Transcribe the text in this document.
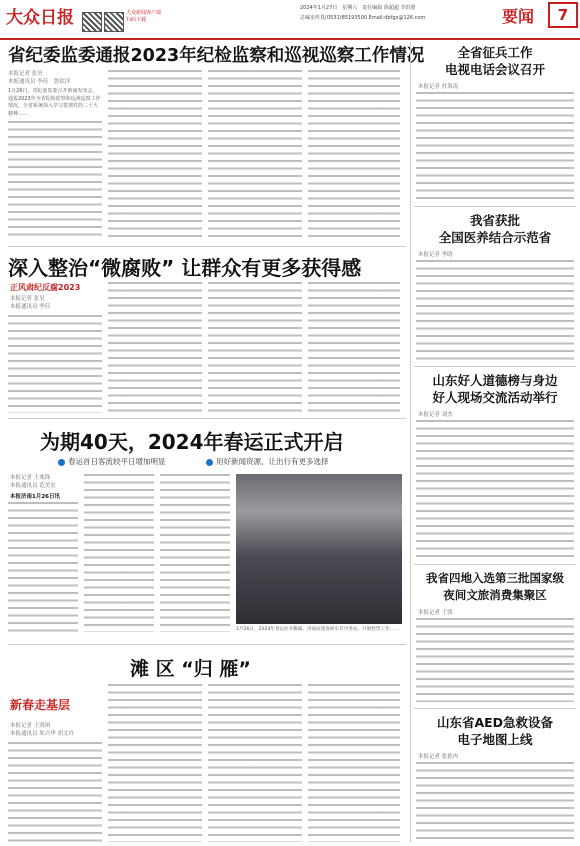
大众日报	大众新闻客户端
扫码下载
2024年1月27日　星期六　责任编辑 徐超超 李洪蕾
总编室传真(0531)85193500 Email:dbfgx@126.com	要闻	7
省纪委监委通报2023年纪检监察和巡视巡察工作情况
本报记者 张昊
本报通讯员 李佳　鲁钦洋
1月26日，省纪委监委召开新闻发布会，通报2023年全省纪检监察和巡视巡察工作情况。全省系统深入学习贯彻党的二十大精神……
深入整治“微腐败” 让群众有更多获得感
正风肃纪反腐2023
本报记者 张昊
本报通讯员 李佳
为期40天，2024年春运正式开启
春运首日客流较平日增加明显	用好新闻资源，让出行有更多选择
本报记者 王兆锋
本报通讯员 范美宏
本报济南1月26日讯
1月26日，2024年春运拉开帷幕。济南站旅客候车有序进站，开展检票工作……
滩 区 “归 雁”
新春走基层
本报记者 王鸿琪
本报通讯员 朱兴华 胡文玲
全省征兵工作
电视电话会议召开
本报记者 杜海涛
我省获批
全国医养结合示范省
本报记者 李晗
山东好人道德榜与身边
好人现场交流活动举行
本报记者 刘杰
我省四地入选第三批国家级
夜间文旅消费集聚区
本报记者 王凯
山东省AED急救设备
电子地图上线
本报记者 张依冉
